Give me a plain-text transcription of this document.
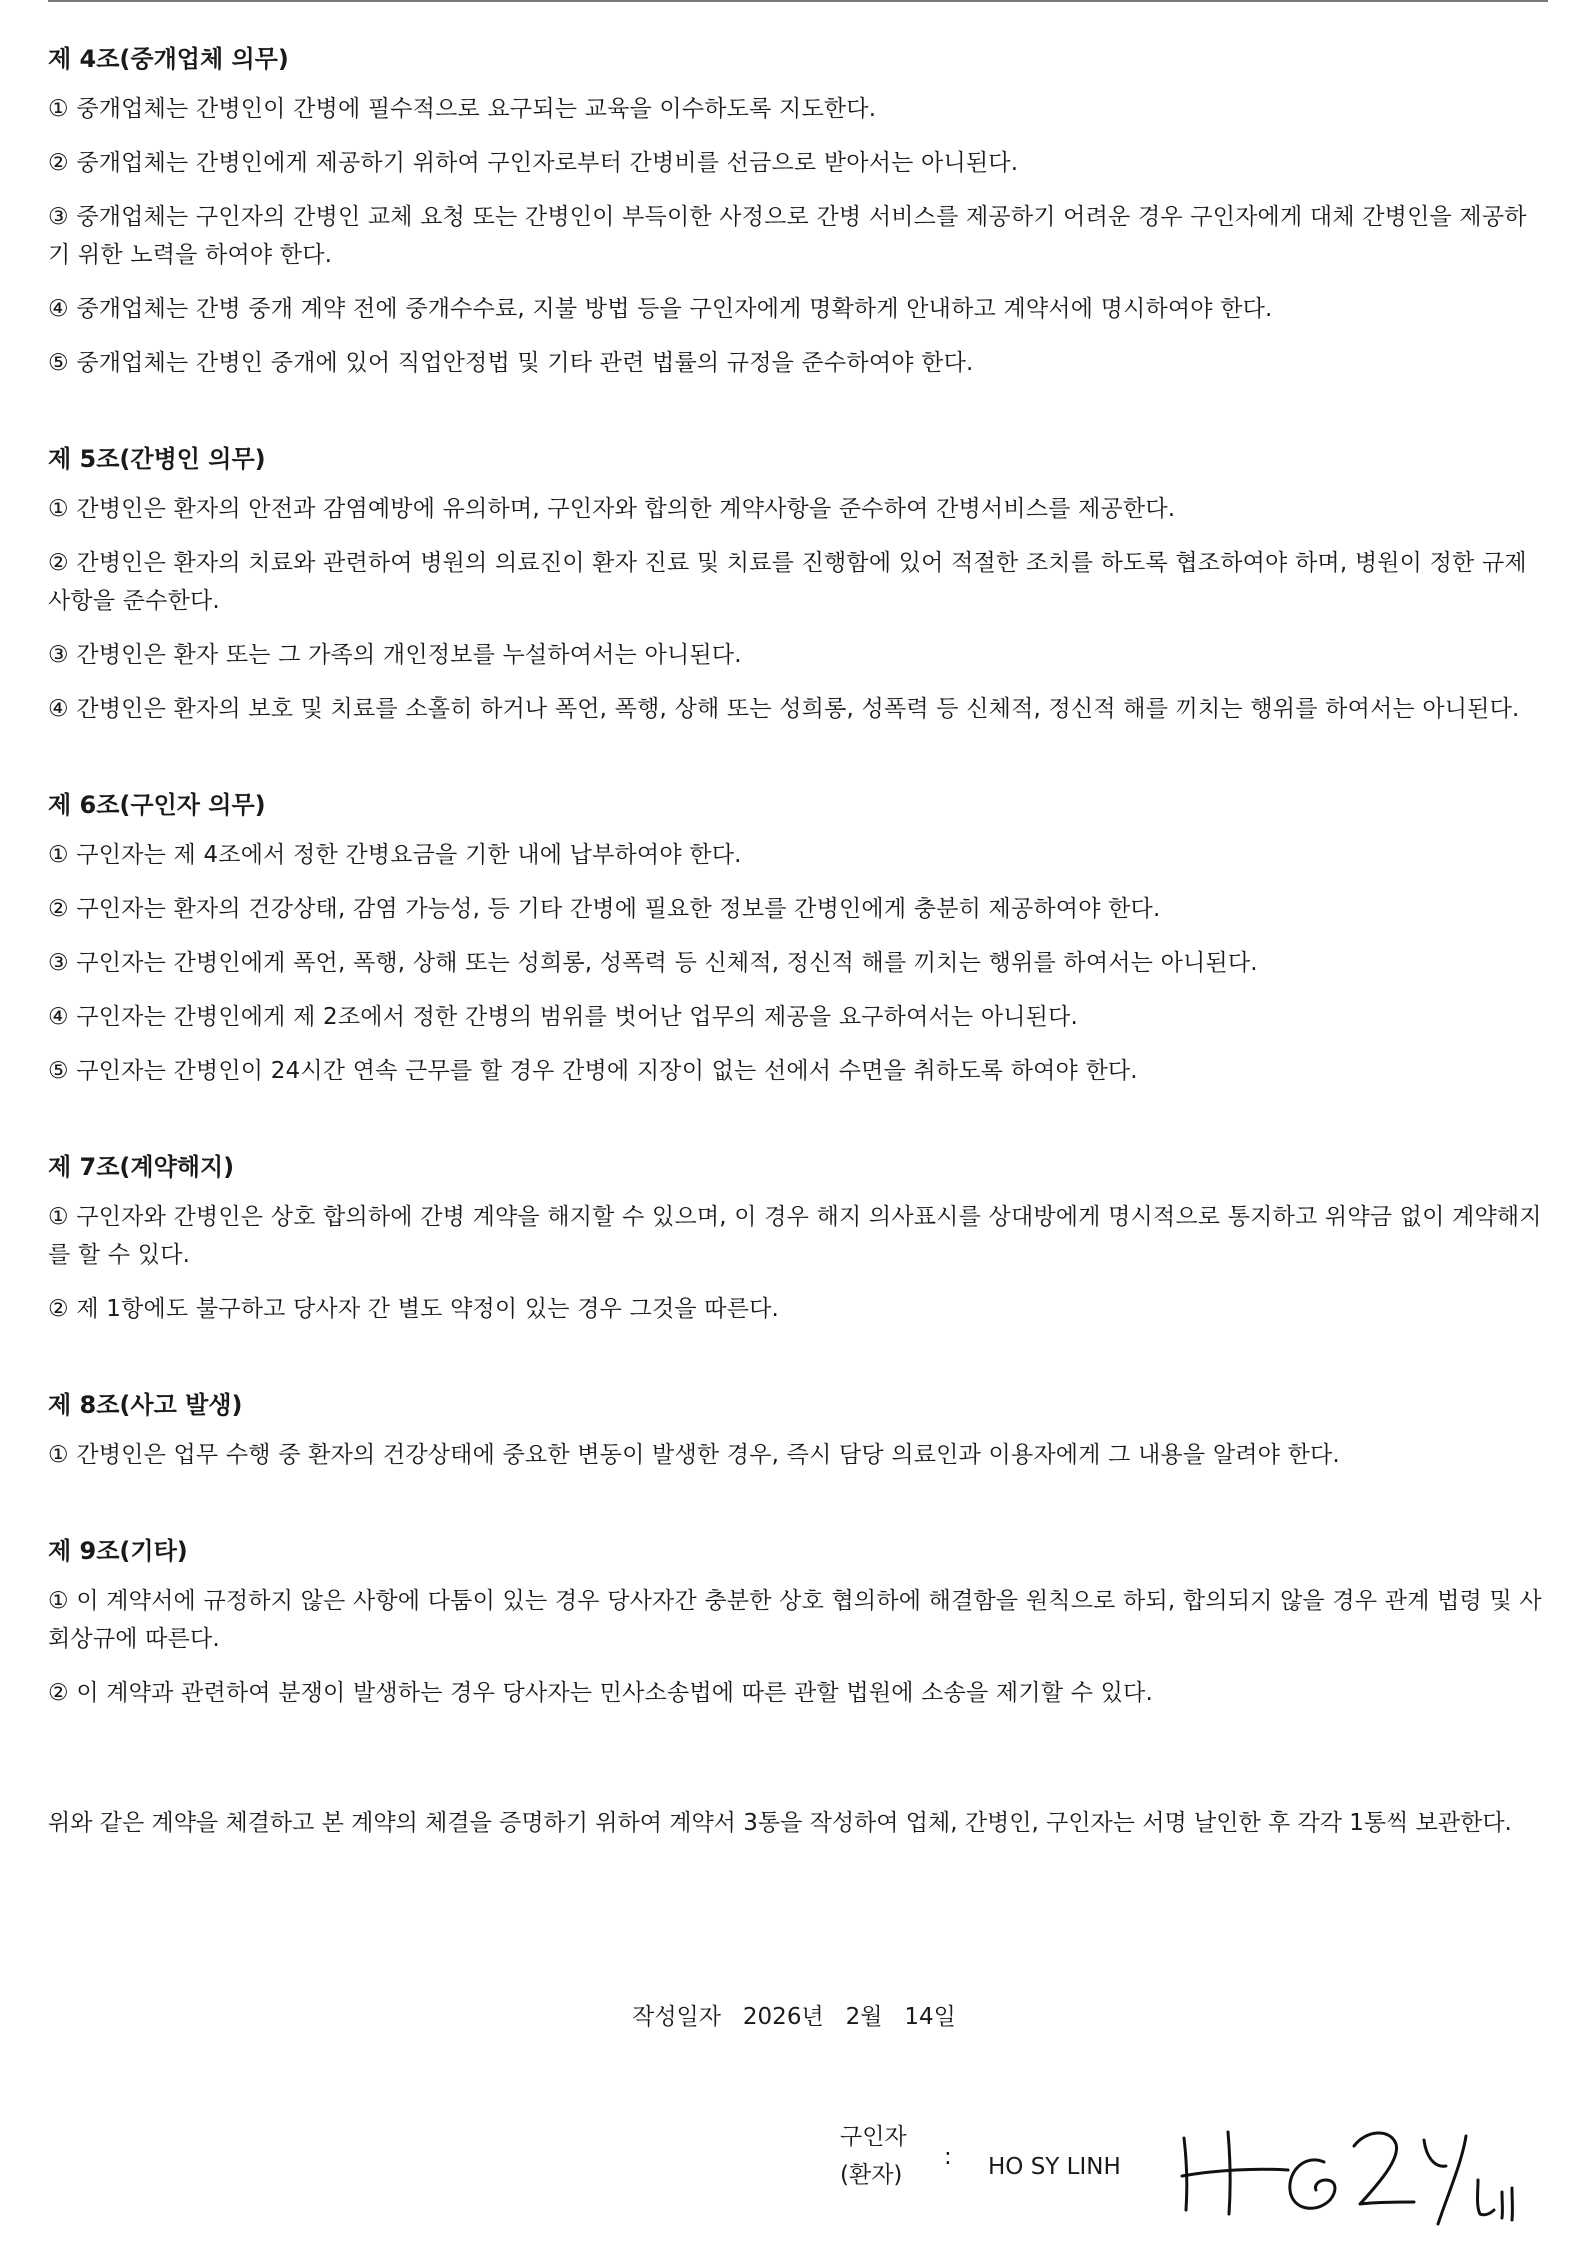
제 4조(중개업체 의무)

① 중개업체는 간병인이 간병에 필수적으로 요구되는 교육을 이수하도록 지도한다.

② 중개업체는 간병인에게 제공하기 위하여 구인자로부터 간병비를 선금으로 받아서는 아니된다.

③ 중개업체는 구인자의 간병인 교체 요청 또는 간병인이 부득이한 사정으로 간병 서비스를 제공하기 어려운 경우 구인자에게 대체 간병인을 제공하기 위한 노력을 하여야 한다.

④ 중개업체는 간병 중개 계약 전에 중개수수료, 지불 방법 등을 구인자에게 명확하게 안내하고 계약서에 명시하여야 한다.

⑤ 중개업체는 간병인 중개에 있어 직업안정법 및 기타 관련 법률의 규정을 준수하여야 한다.

제 5조(간병인 의무)

① 간병인은 환자의 안전과 감염예방에 유의하며, 구인자와 합의한 계약사항을 준수하여 간병서비스를 제공한다.

② 간병인은 환자의 치료와 관련하여 병원의 의료진이 환자 진료 및 치료를 진행함에 있어 적절한 조치를 하도록 협조하여야 하며, 병원이 정한 규제사항을 준수한다.

③ 간병인은 환자 또는 그 가족의 개인정보를 누설하여서는 아니된다.

④ 간병인은 환자의 보호 및 치료를 소홀히 하거나 폭언, 폭행, 상해 또는 성희롱, 성폭력 등 신체적, 정신적 해를 끼치는 행위를 하여서는 아니된다.

제 6조(구인자 의무)

① 구인자는 제 4조에서 정한 간병요금을 기한 내에 납부하여야 한다.

② 구인자는 환자의 건강상태, 감염 가능성, 등 기타 간병에 필요한 정보를 간병인에게 충분히 제공하여야 한다.

③ 구인자는 간병인에게 폭언, 폭행, 상해 또는 성희롱, 성폭력 등 신체적, 정신적 해를 끼치는 행위를 하여서는 아니된다.

④ 구인자는 간병인에게 제 2조에서 정한 간병의 범위를 벗어난 업무의 제공을 요구하여서는 아니된다.

⑤ 구인자는 간병인이 24시간 연속 근무를 할 경우 간병에 지장이 없는 선에서 수면을 취하도록 하여야 한다.

제 7조(계약해지)

① 구인자와 간병인은 상호 합의하에 간병 계약을 해지할 수 있으며, 이 경우 해지 의사표시를 상대방에게 명시적으로 통지하고 위약금 없이 계약해지를 할 수 있다.

② 제 1항에도 불구하고 당사자 간 별도 약정이 있는 경우 그것을 따른다.

제 8조(사고 발생)

① 간병인은 업무 수행 중 환자의 건강상태에 중요한 변동이 발생한 경우, 즉시 담당 의료인과 이용자에게 그 내용을 알려야 한다.

제 9조(기타)

① 이 계약서에 규정하지 않은 사항에 다툼이 있는 경우 당사자간 충분한 상호 협의하에 해결함을 원칙으로 하되, 합의되지 않을 경우 관계 법령 및 사회상규에 따른다.

② 이 계약과 관련하여 분쟁이 발생하는 경우 당사자는 민사소송법에 따른 관할 법원에 소송을 제기할 수 있다.

위와 같은 계약을 체결하고 본 계약의 체결을 증명하기 위하여 계약서 3통을 작성하여 업체, 간병인, 구인자는 서명 날인한 후 각각 1통씩 보관한다.

작성일자   2026년   2월   14일
구인자
(환자)
: HO SY LINH
